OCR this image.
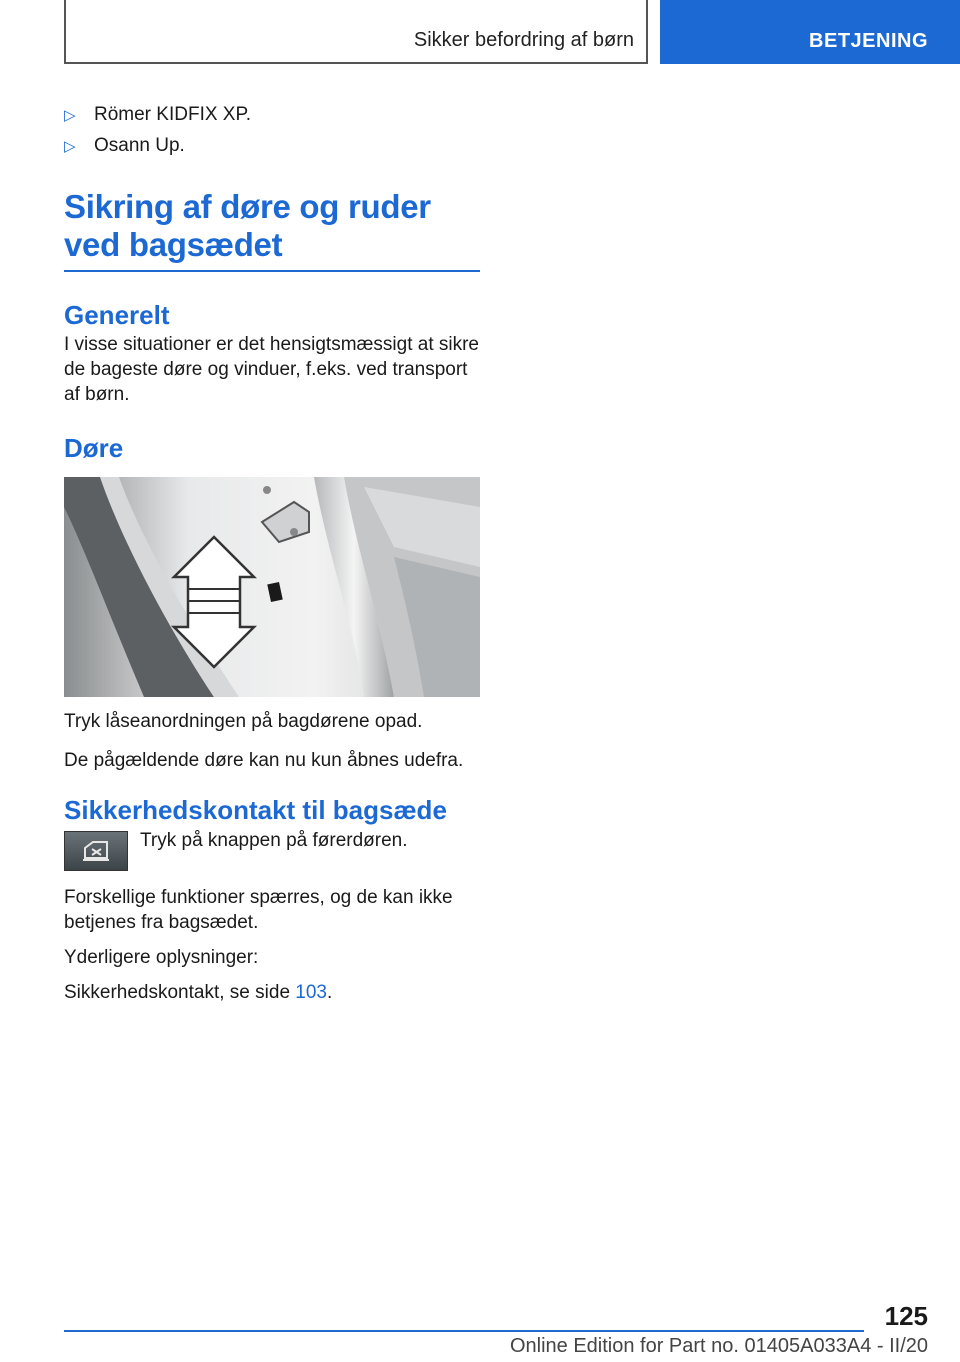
Sikker befordring af børn	BETJENING
▷ Römer KIDFIX XP.
▷ Osann Up.
Sikring af døre og ruder ved bagsædet
Generelt

I visse situationer er det hensigtsmæssigt at sikre de bageste døre og vinduer, f.eks. ved transport af børn.

Døre

Tryk låseanordningen på bagdørene opad.

De pågældende døre kan nu kun åbnes udefra.

Sikkerhedskontakt til bagsæde

Tryk på knappen på førerdøren.

Forskellige funktioner spærres, og de kan ikke betjenes fra bagsædet.

Yderligere oplysninger:

Sikkerhedskontakt, se side 103.

125
Online Edition for Part no. 01405A033A4 - II/20
